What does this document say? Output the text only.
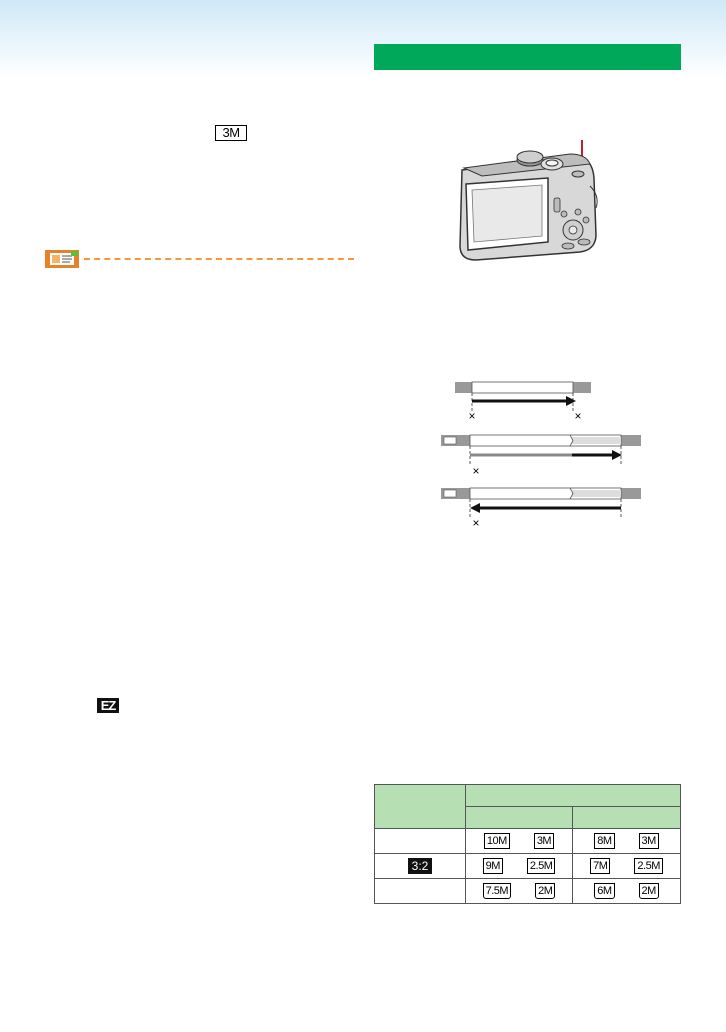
3M
×	×
×
×
EZ

	10M 3M	8M 3M
3:2	9M 2.5M	7M 2.5M
	7.5M 2M	6M 2M
